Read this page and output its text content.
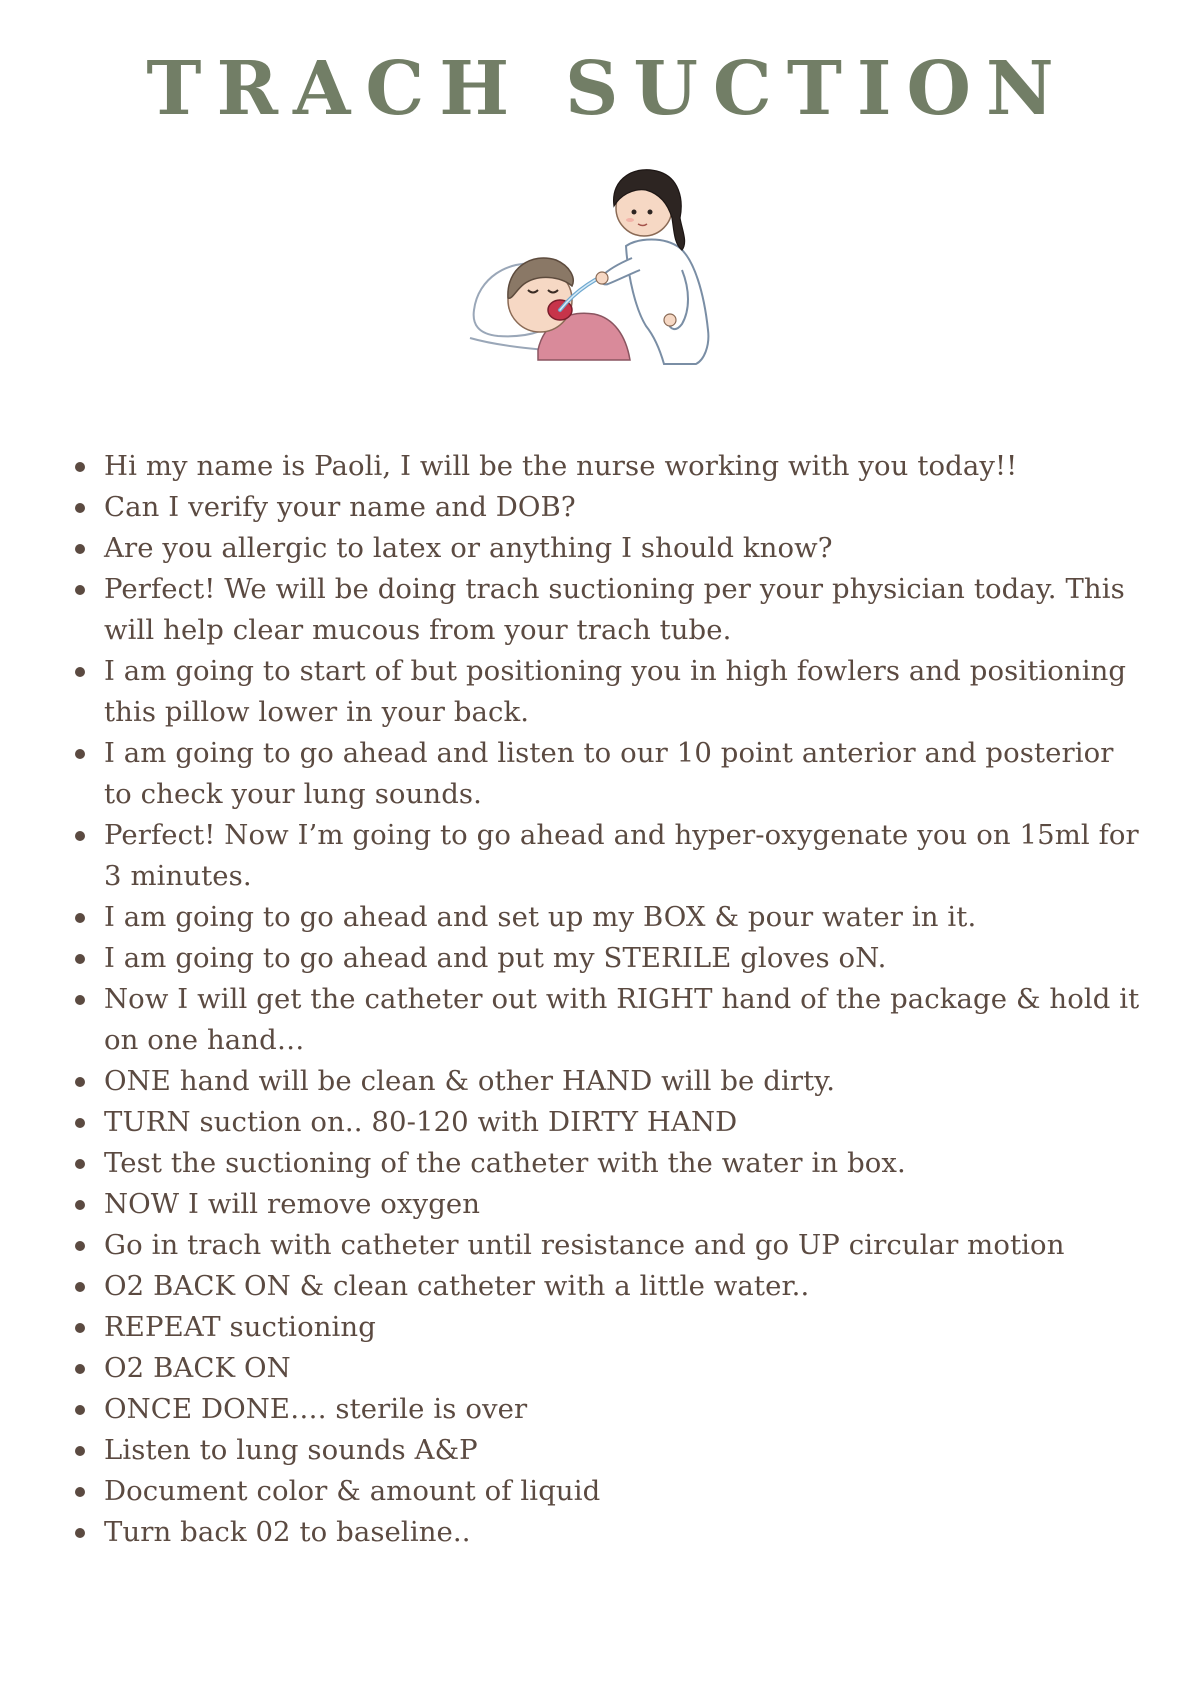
TRACH SUCTION
Hi my name is Paoli, I will be the nurse working with you today!!
Can I verify your name and DOB?
Are you allergic to latex or anything I should know?
Perfect! We will be doing trach suctioning per your physician today. This will help clear mucous from your trach tube.
I am going to start of but positioning you in high fowlers and positioning this pillow lower in your back.
I am going to go ahead and listen to our 10 point anterior and posterior to check your lung sounds.
Perfect! Now I’m going to go ahead and hyper-oxygenate you on 15ml for 3 minutes.
I am going to go ahead and set up my BOX & pour water in it.
I am going to go ahead and put my STERILE gloves oN.
Now I will get the catheter out with RIGHT hand of the package & hold it on one hand…
ONE hand will be clean & other HAND will be dirty.
TURN suction on.. 80-120 with DIRTY HAND
Test the suctioning of the catheter with the water in box.
NOW I will remove oxygen
Go in trach with catheter until resistance and go UP circular motion
O2 BACK ON & clean catheter with a little water..
REPEAT suctioning
O2 BACK ON
ONCE DONE…. sterile is over
Listen to lung sounds A&P
Document color & amount of liquid
Turn back 02 to baseline..
